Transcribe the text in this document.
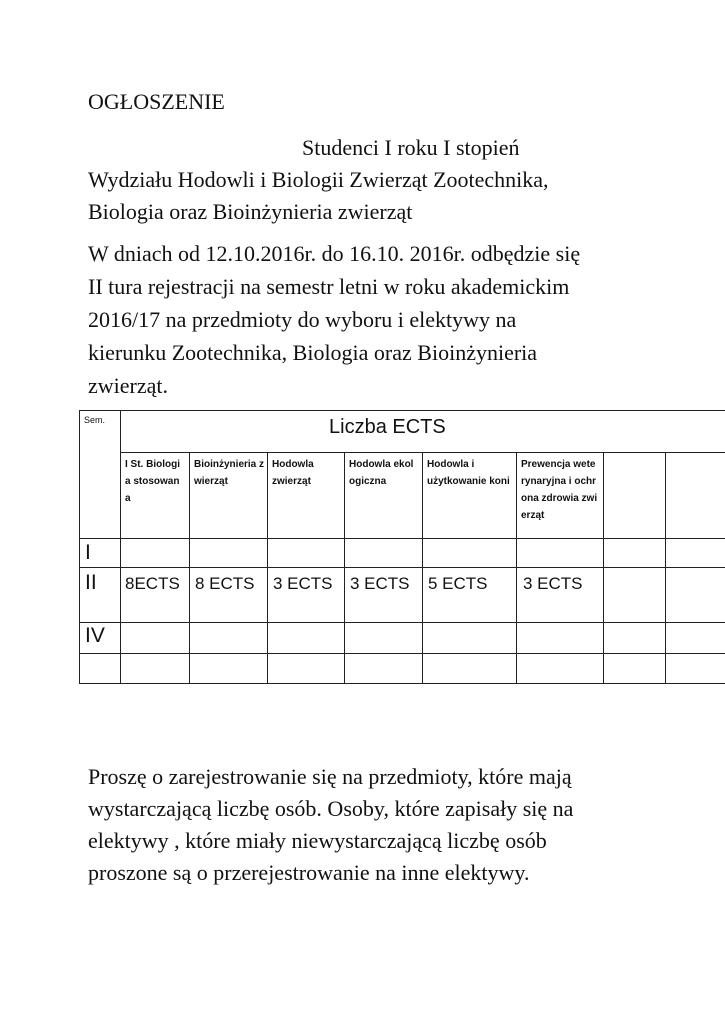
OGŁOSZENIE
Studenci I roku I stopień
Wydziału Hodowli i Biologii Zwierząt Zootechnika,
Biologia oraz Bioinżynieria zwierząt
W dniach od 12.10.2016r. do 16.10. 2016r. odbędzie się
II tura rejestracji na semestr letni w roku akademickim
2016/17 na przedmioty do wyboru i elektywy na
kierunku Zootechnika, Biologia oraz Bioinżynieria
zwierząt.
Sem.	Liczba ECTS
I St. Biologia stosowana
Bioinżynieria zwierząt
Hodowla zwierząt
Hodowla ekologiczna
Hodowla i użytkowanie koni
Prewencja weterynaryjna i ochrona zdrowia zwierząt
I
II
IV
8ECTS 8 ECTS 3 ECTS 3 ECTS 5 ECTS 3 ECTS
Proszę o zarejestrowanie się na przedmioty, które mają
wystarczającą liczbę osób. Osoby, które zapisały się na
elektywy , które miały niewystarczającą liczbę osób
proszone są o przerejestrowanie na inne elektywy.
